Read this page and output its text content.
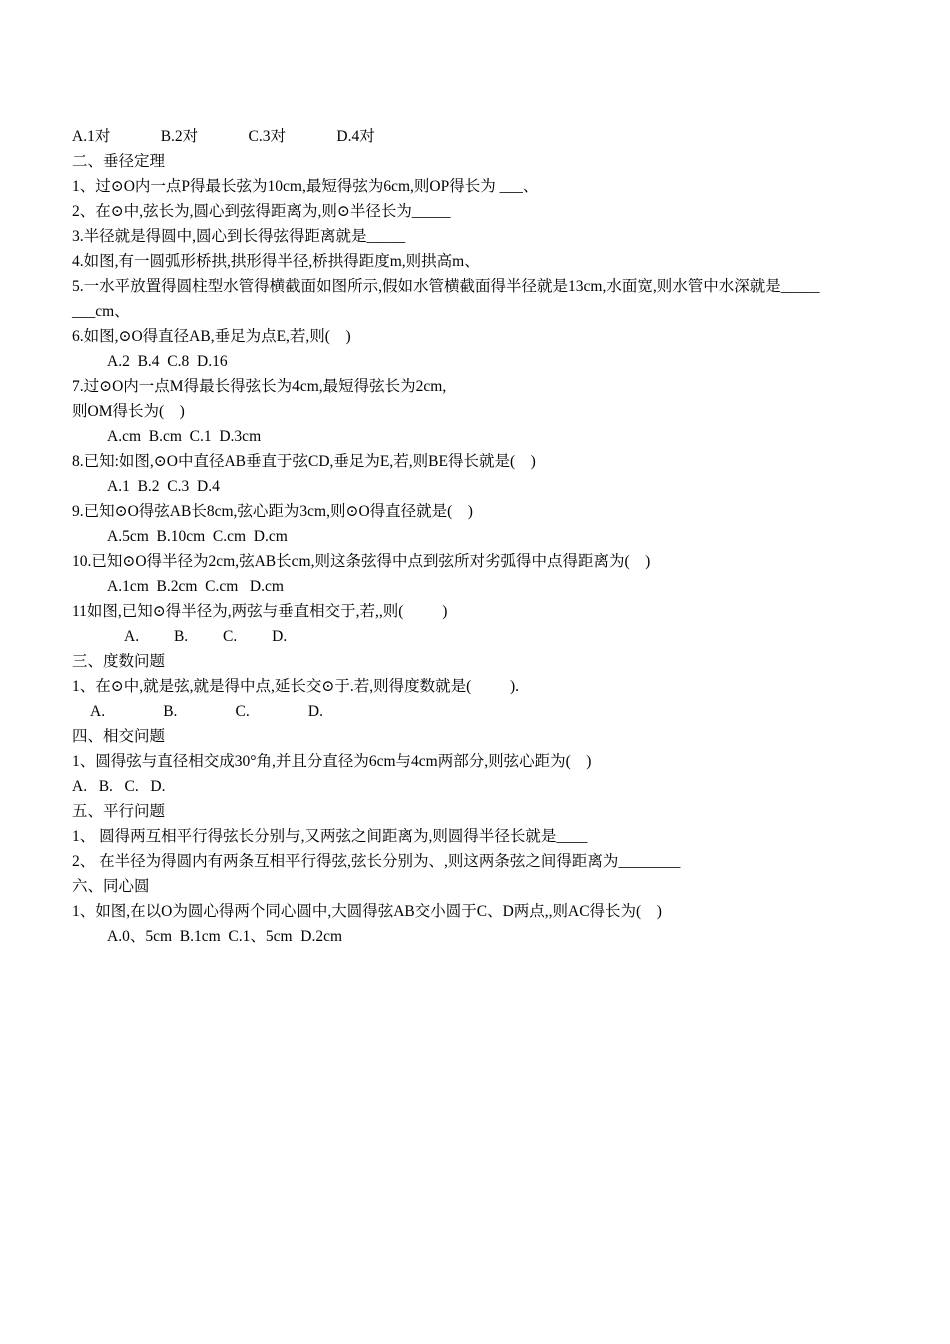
A.1对             B.2对             C.3对             D.4对
二、垂径定理
1、过⊙O内一点P得最长弦为10cm,最短得弦为6cm,则OP得长为 ___、
2、在⊙中,弦长为,圆心到弦得距离为,则⊙半径长为_____
3.半径就是得圆中,圆心到长得弦得距离就是_____
4.如图,有一圆弧形桥拱,拱形得半径,桥拱得距度m,则拱高m、
5.一水平放置得圆柱型水管得横截面如图所示,假如水管横截面得半径就是13cm,水面宽,则水管中水深就是_____
___cm、
6.如图,⊙O得直径AB,垂足为点E,若,则(    )
A.2  B.4  C.8  D.16
7.过⊙O内一点M得最长得弦长为4cm,最短得弦长为2cm,
则OM得长为(    )
A.cm  B.cm  C.1  D.3cm
8.已知:如图,⊙O中直径AB垂直于弦CD,垂足为E,若,则BE得长就是(    )
A.1  B.2  C.3  D.4
9.已知⊙O得弦AB长8cm,弦心距为3cm,则⊙O得直径就是(    )
A.5cm  B.10cm  C.cm  D.cm
10.已知⊙O得半径为2cm,弦AB长cm,则这条弦得中点到弦所对劣弧得中点得距离为(    )
A.1cm  B.2cm  C.cm   D.cm
11如图,已知⊙得半径为,两弦与垂直相交于,若,,则(          )
A.         B.         C.         D.
三、度数问题
1、在⊙中,就是弦,就是得中点,延长交⊙于.若,则得度数就是(          ).
A.               B.               C.               D.
四、相交问题
1、圆得弦与直径相交成30°角,并且分直径为6cm与4cm两部分,则弦心距为(    )
A.   B.   C.   D.
五、平行问题
1、 圆得两互相平行得弦长分别与,又两弦之间距离为,则圆得半径长就是____
2、 在半径为得圆内有两条互相平行得弦,弦长分别为、,则这两条弦之间得距离为________
六、同心圆
1、如图,在以O为圆心得两个同心圆中,大圆得弦AB交小圆于C、D两点,,则AC得长为(    )
A.0、5cm  B.1cm  C.1、5cm  D.2cm
